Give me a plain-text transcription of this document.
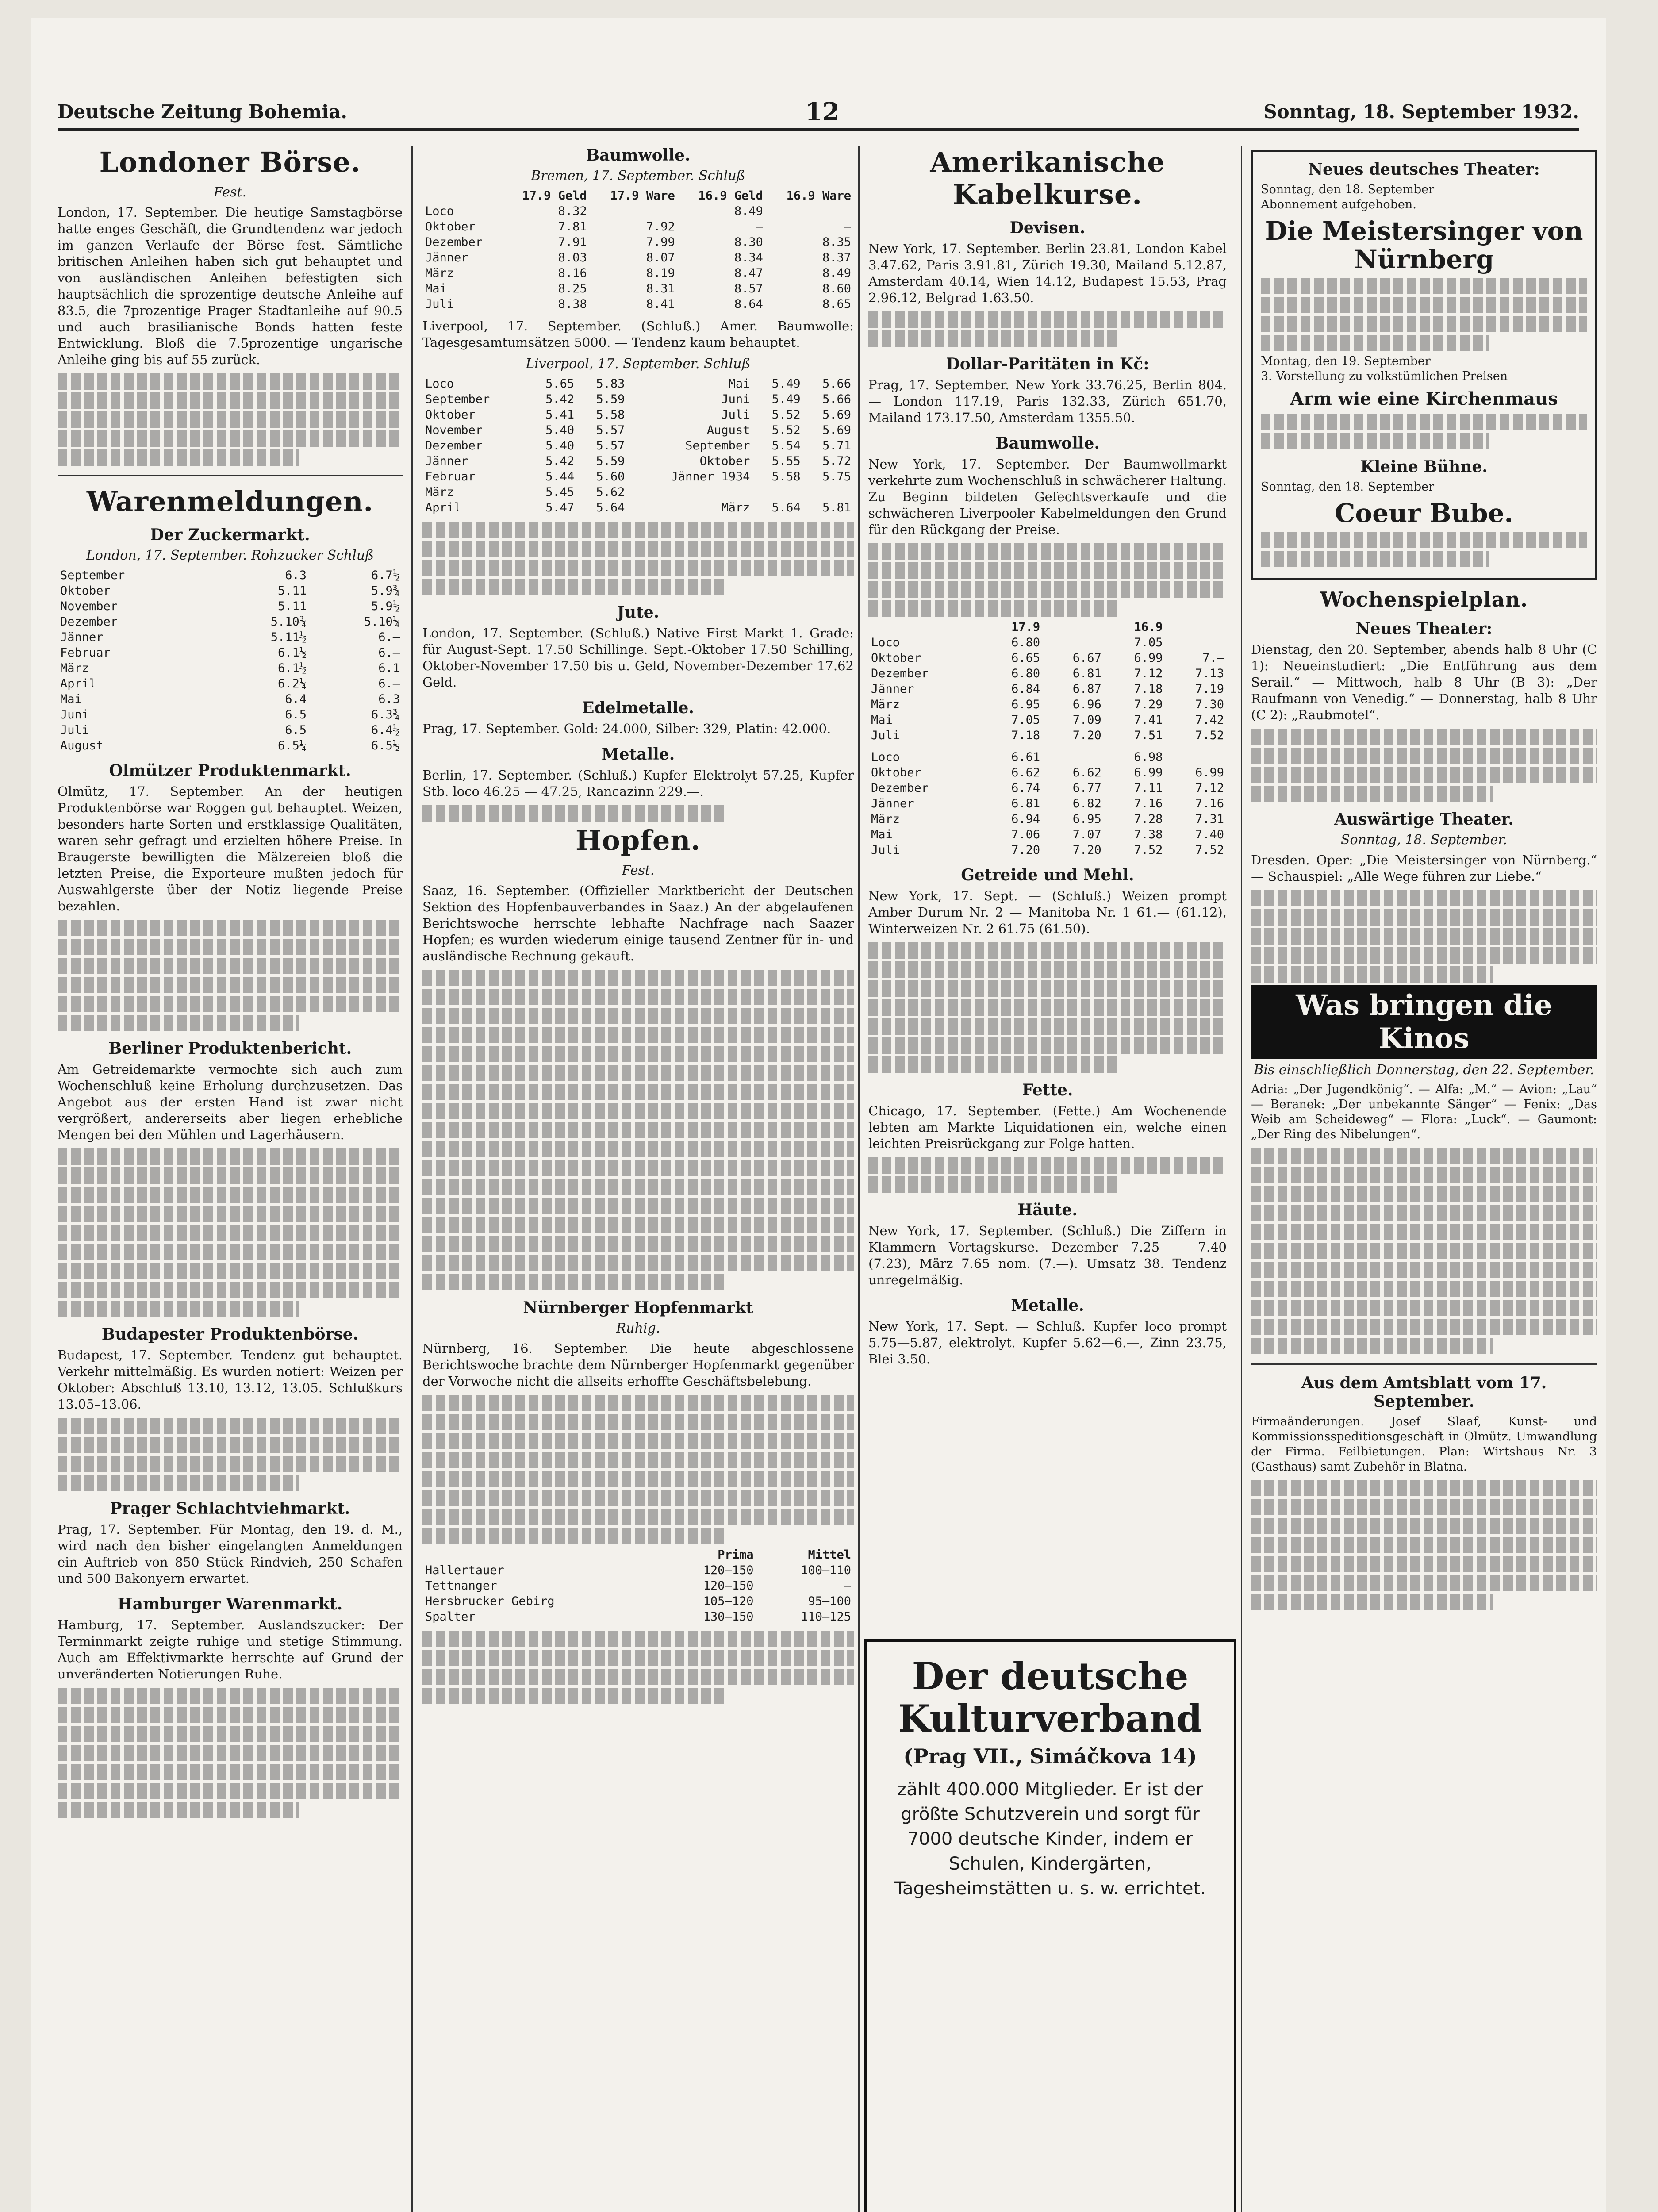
Deutsche Zeitung Bohemia.	12	Sonntag, 18. September 1932.
Londoner Börse.
Fest.

London, 17. September. Die heutige Samstagbörse hatte enges Geschäft, die Grundtendenz war jedoch im ganzen Verlaufe der Börse fest. Sämtliche britischen Anleihen haben sich gut behauptet und von ausländischen Anleihen befestigten sich hauptsächlich die sprozentige deutsche Anleihe auf 83.5, die 7prozentige Prager Stadtanleihe auf 90.5 und auch brasilianische Bonds hatten feste Entwicklung. Bloß die 7.5prozentige ungarische Anleihe ging bis auf 55 zurück.

Warenmeldungen.
Der Zuckermarkt.
London, 17. September. Rohzucker Schluß
September	6.3	6.7½
Oktober	5.11	5.9¾
November	5.11	5.9½
Dezember	5.10¾	5.10¼
Jänner	5.11½	6.–
Februar	6.1½	6.–
März	6.1½	6.1
April	6.2¼	6.–
Mai	6.4	6.3
Juni	6.5	6.3¾
Juli	6.5	6.4½
August	6.5¼	6.5½
Olmützer Produktenmarkt.

Olmütz, 17. September. An der heutigen Produktenbörse war Roggen gut behauptet. Weizen, besonders harte Sorten und erstklassige Qualitäten, waren sehr gefragt und erzielten höhere Preise. In Braugerste bewilligten die Mälzereien bloß die letzten Preise, die Exporteure mußten jedoch für Auswahlgerste über der Notiz liegende Preise bezahlen.

Berliner Produktenbericht.

Am Getreidemarkte vermochte sich auch zum Wochenschluß keine Erholung durchzusetzen. Das Angebot aus der ersten Hand ist zwar nicht vergrößert, andererseits aber liegen erhebliche Mengen bei den Mühlen und Lagerhäusern.

Budapester Produktenbörse.

Budapest, 17. September. Tendenz gut behauptet. Verkehr mittelmäßig. Es wurden notiert: Weizen per Oktober: Abschluß 13.10, 13.12, 13.05. Schlußkurs 13.05–13.06.

Prager Schlachtviehmarkt.

Prag, 17. September. Für Montag, den 19. d. M., wird nach den bisher eingelangten Anmeldungen ein Auftrieb von 850 Stück Rindvieh, 250 Schafen und 500 Bakonyern erwartet.

Hamburger Warenmarkt.

Hamburg, 17. September. Auslandszucker: Der Terminmarkt zeigte ruhige und stetige Stimmung. Auch am Effektivmarkte herrschte auf Grund der unveränderten Notierungen Ruhe.

Baumwolle.
Bremen, 17. September. Schluß
	17.9 Geld	17.9 Ware	16.9 Geld	16.9 Ware
Loco	8.32		8.49	
Oktober	7.81	7.92	–	–
Dezember	7.91	7.99	8.30	8.35
Jänner	8.03	8.07	8.34	8.37
März	8.16	8.19	8.47	8.49
Mai	8.25	8.31	8.57	8.60
Juli	8.38	8.41	8.64	8.65

Liverpool, 17. September. (Schluß.) Amer. Baumwolle: Tagesgesamtumsätzen 5000. — Tendenz kaum behauptet.

Liverpool, 17. September. Schluß
Loco	5.65	5.83	Mai	5.49	5.66
September	5.42	5.59	Juni	5.49	5.66
Oktober	5.41	5.58	Juli	5.52	5.69
November	5.40	5.57	August	5.52	5.69
Dezember	5.40	5.57	September	5.54	5.71
Jänner	5.42	5.59	Oktober	5.55	5.72
Februar	5.44	5.60	Jänner 1934	5.58	5.75
März	5.45	5.62			
April	5.47	5.64	März	5.64	5.81
Jute.

London, 17. September. (Schluß.) Native First Markt 1. Grade: für August-Sept. 17.50 Schillinge. Sept.-Oktober 17.50 Schilling, Oktober-November 17.50 bis u. Geld, November-Dezember 17.62 Geld.

Edelmetalle.

Prag, 17. September. Gold: 24.000, Silber: 329, Platin: 42.000.

Metalle.

Berlin, 17. September. (Schluß.) Kupfer Elektrolyt 57.25, Kupfer Stb. loco 46.25 — 47.25, Rancazinn 229.—.

Hopfen.
Fest.

Saaz, 16. September. (Offizieller Marktbericht der Deutschen Sektion des Hopfenbauverbandes in Saaz.) An der abgelaufenen Berichtswoche herrschte lebhafte Nachfrage nach Saazer Hopfen; es wurden wiederum einige tausend Zentner für in- und ausländische Rechnung gekauft.

Nürnberger Hopfenmarkt
Ruhig.

Nürnberg, 16. September. Die heute abgeschlossene Berichtswoche brachte dem Nürnberger Hopfenmarkt gegenüber der Vorwoche nicht die allseits erhoffte Geschäftsbelebung.

	Prima	Mittel
Hallertauer	120—150	100—110
Tettnanger	120—150	—
Hersbrucker Gebirg	105—120	95—100
Spalter	130—150	110—125
Amerikanische Kabelkurse.
Devisen.

New York, 17. September. Berlin 23.81, London Kabel 3.47.62, Paris 3.91.81, Zürich 19.30, Mailand 5.12.87, Amsterdam 40.14, Wien 14.12, Budapest 15.53, Prag 2.96.12, Belgrad 1.63.50.

Dollar-Paritäten in Kč:

Prag, 17. September. New York 33.76.25, Berlin 804.— London 117.19, Paris 132.33, Zürich 651.70, Mailand 173.17.50, Amsterdam 1355.50.

Baumwolle.

New York, 17. September. Der Baumwollmarkt verkehrte zum Wochenschluß in schwächerer Haltung. Zu Beginn bildeten Gefechtsverkaufe und die schwächeren Liverpooler Kabelmeldungen den Grund für den Rückgang der Preise.

	17.9		16.9	
Loco	6.80		7.05	
Oktober	6.65	6.67	6.99	7.–
Dezember	6.80	6.81	7.12	7.13
Jänner	6.84	6.87	7.18	7.19
März	6.95	6.96	7.29	7.30
Mai	7.05	7.09	7.41	7.42
Juli	7.18	7.20	7.51	7.52
Loco	6.61		6.98	
Oktober	6.62	6.62	6.99	6.99
Dezember	6.74	6.77	7.11	7.12
Jänner	6.81	6.82	7.16	7.16
März	6.94	6.95	7.28	7.31
Mai	7.06	7.07	7.38	7.40
Juli	7.20	7.20	7.52	7.52
Getreide und Mehl.

New York, 17. Sept. — (Schluß.) Weizen prompt Amber Durum Nr. 2 — Manitoba Nr. 1 61.— (61.12), Winterweizen Nr. 2 61.75 (61.50).

Fette.

Chicago, 17. September. (Fette.) Am Wochenende lebten am Markte Liquidationen ein, welche einen leichten Preisrückgang zur Folge hatten.

Häute.

New York, 17. September. (Schluß.) Die Ziffern in Klammern Vortagskurse. Dezember 7.25 — 7.40 (7.23), März 7.65 nom. (7.—). Umsatz 38. Tendenz unregelmäßig.

Metalle.

New York, 17. Sept. — Schluß. Kupfer loco prompt 5.75—5.87, elektrolyt. Kupfer 5.62—6.—, Zinn 23.75, Blei 3.50.

Der deutsche Kulturverband
(Prag VII., Simáčkova 14)
zählt 400.000 Mitglieder. Er ist der größte Schutzverein und sorgt für 7000 deutsche Kinder, indem er Schulen, Kindergärten, Tagesheimstätten u. s. w. errichtet.
Neues deutsches Theater:
Sonntag, den 18. September
Abonnement aufgehoben.
Die Meistersinger von Nürnberg
Montag, den 19. September
3. Vorstellung zu volkstümlichen Preisen
Arm wie eine Kirchenmaus
Kleine Bühne.
Sonntag, den 18. September
Coeur Bube.
Wochenspielplan.
Neues Theater:

Dienstag, den 20. September, abends halb 8 Uhr (C 1): Neueinstudiert: „Die Entführung aus dem Serail.“ — Mittwoch, halb 8 Uhr (B 3): „Der Raufmann von Venedig.“ — Donnerstag, halb 8 Uhr (C 2): „Raubmotel“.

Auswärtige Theater.
Sonntag, 18. September.

Dresden. Oper: „Die Meistersinger von Nürnberg.“ — Schauspiel: „Alle Wege führen zur Liebe.“

Was bringen die Kinos
Bis einschließlich Donnerstag, den 22. September.

Adria: „Der Jugendkönig“. — Alfa: „M.“ — Avion: „Lau“ — Beranek: „Der unbekannte Sänger“ — Fenix: „Das Weib am Scheideweg“ — Flora: „Luck“. — Gaumont: „Der Ring des Nibelungen“.

Aus dem Amtsblatt vom 17. September.

Firmaänderungen. Josef Slaaf, Kunst- und Kommissionsspeditionsgeschäft in Olmütz. Umwandlung der Firma. Feilbietungen. Plan: Wirtshaus Nr. 3 (Gasthaus) samt Zubehör in Blatna.
